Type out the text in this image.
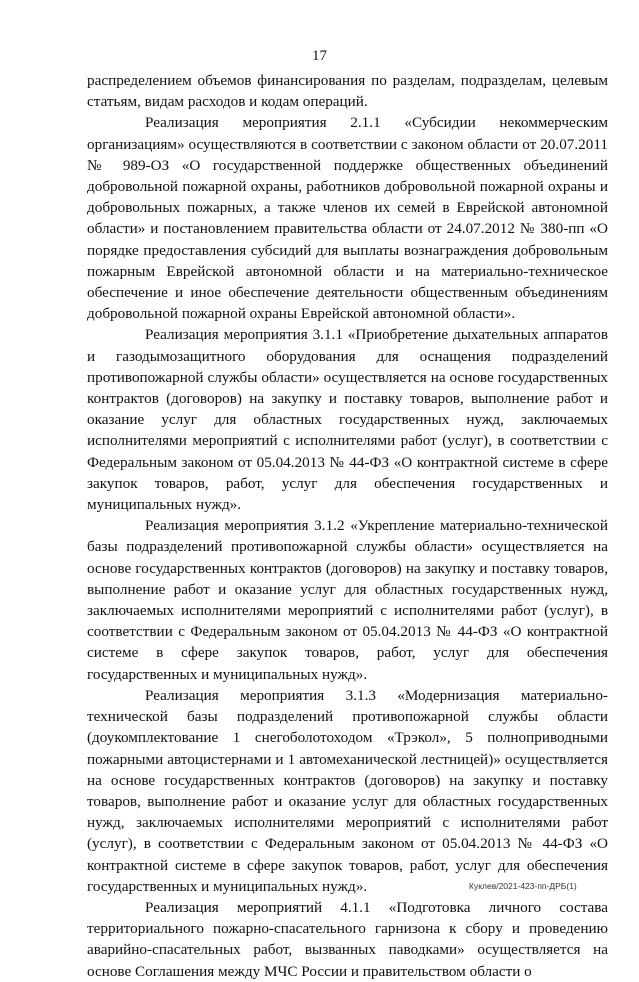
17

распределением объемов финансирования по разделам, подразделам, целевым статьям, видам расходов и кодам операций.

Реализация мероприятия 2.1.1 «Субсидии некоммерческим организациям» осуществляются в соответствии с законом области от 20.07.2011 № 989-ОЗ «О государственной поддержке общественных объединений добровольной пожарной охраны, работников добровольной пожарной охраны и добровольных пожарных, а также членов их семей в Еврейской автономной области» и постановлением правительства области от 24.07.2012 № 380-пп «О порядке предоставления субсидий для выплаты вознаграждения добровольным пожарным Еврейской автономной области и на материально-техническое обеспечение и иное обеспечение деятельности общественным объединениям добровольной пожарной охраны Еврейской автономной области».

Реализация мероприятия 3.1.1 «Приобретение дыхательных аппаратов и газодымозащитного оборудования для оснащения подразделений противопожарной службы области» осуществляется на основе государственных контрактов (договоров) на закупку и поставку товаров, выполнение работ и оказание услуг для областных государственных нужд, заключаемых исполнителями мероприятий с исполнителями работ (услуг), в соответствии с Федеральным законом от 05.04.2013 № 44-ФЗ «О контрактной системе в сфере закупок товаров, работ, услуг для обеспечения государственных и муниципальных нужд».

Реализация мероприятия 3.1.2 «Укрепление материально-технической базы подразделений противопожарной службы области» осуществляется на основе государственных контрактов (договоров) на закупку и поставку товаров, выполнение работ и оказание услуг для областных государственных нужд, заключаемых исполнителями мероприятий с исполнителями работ (услуг), в соответствии с Федеральным законом от 05.04.2013 № 44-ФЗ «О контрактной системе в сфере закупок товаров, работ, услуг для обеспечения государственных и муниципальных нужд».

Реализация мероприятия 3.1.3 «Модернизация материально-технической базы подразделений противопожарной службы области (доукомплектование 1 снегоболотоходом «Трэкол», 5 полноприводными пожарными автоцистернами и 1 автомеханической лестницей)» осуществляется на основе государственных контрактов (договоров) на закупку и поставку товаров, выполнение работ и оказание услуг для областных государственных нужд, заключаемых исполнителями мероприятий с исполнителями работ (услуг), в соответствии с Федеральным законом от 05.04.2013 № 44-ФЗ «О контрактной системе в сфере закупок товаров, работ, услуг для обеспечения государственных и муниципальных нужд».

Реализация мероприятий 4.1.1 «Подготовка личного состава территориального пожарно-спасательного гарнизона к сбору и проведению аварийно-спасательных работ, вызванных паводками» осуществляется на основе Соглашения между МЧС России и правительством области о

Куклев/2021-423-пп-ДРБ(1)
